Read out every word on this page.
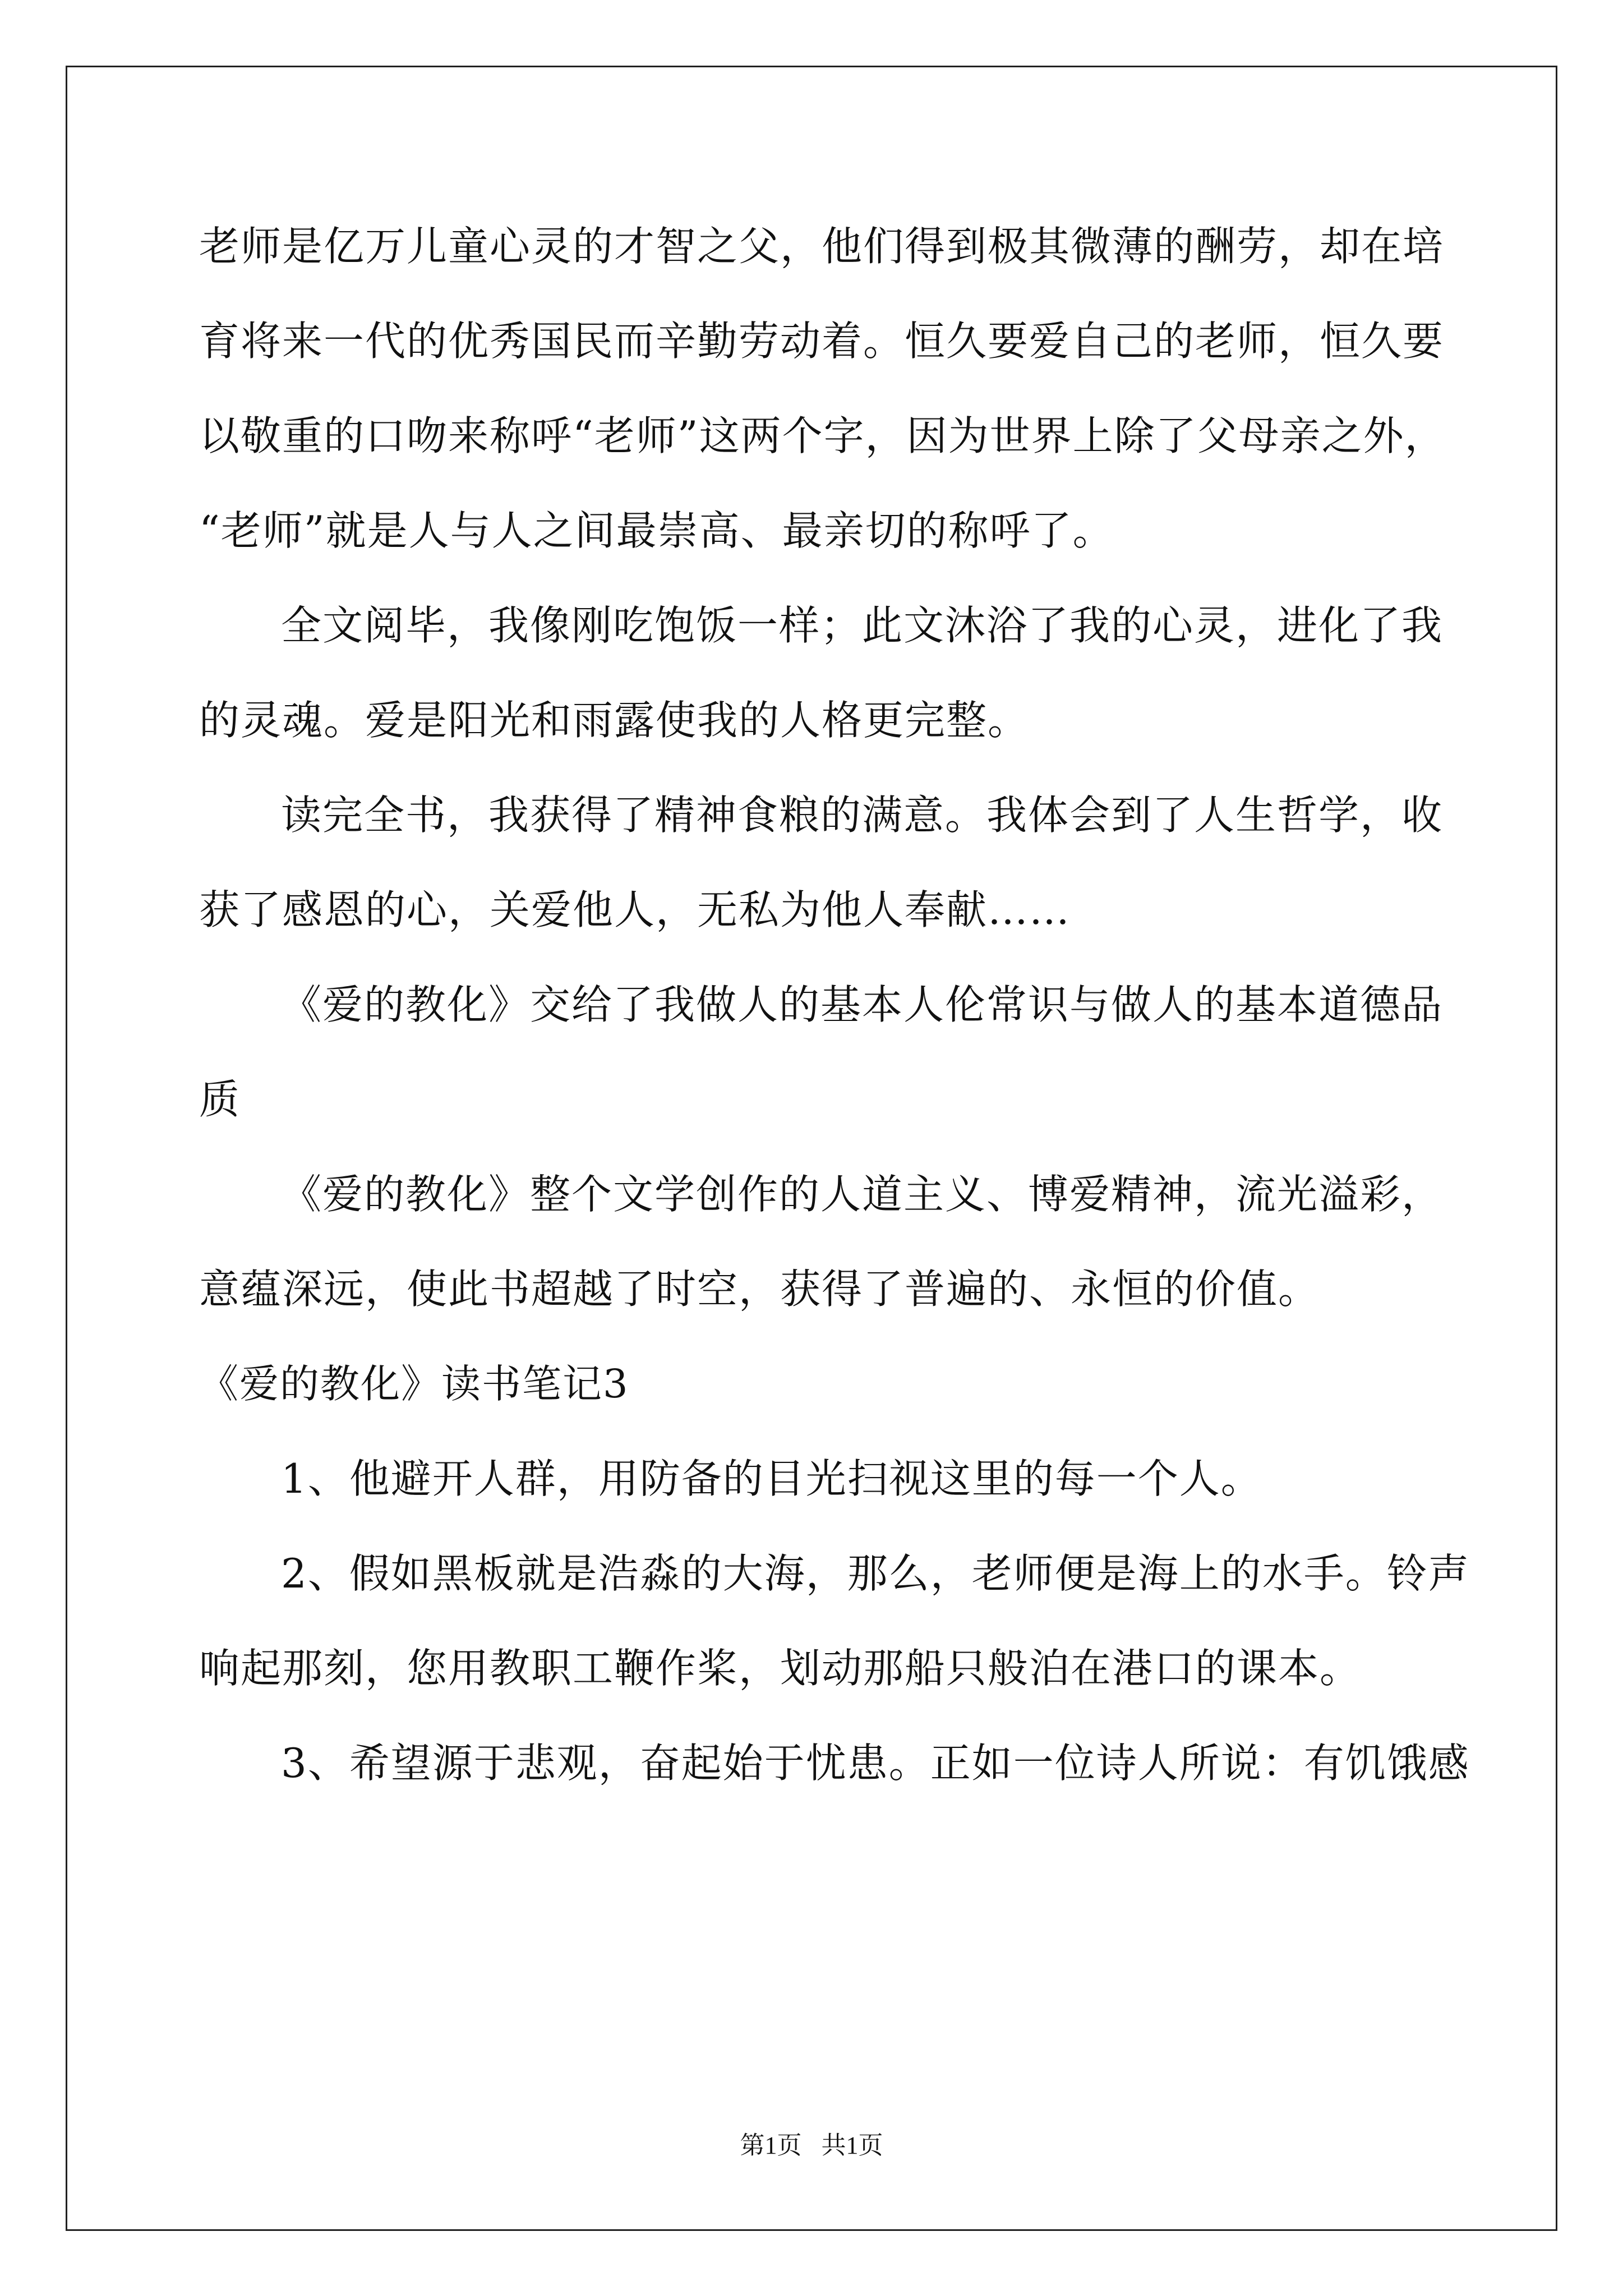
老师是亿万儿童心灵的才智之父，他们得到极其微薄的酬劳，却在培
育将来一代的优秀国民而辛勤劳动着。恒久要爱自己的老师，恒久要
以敬重的口吻来称呼“老师”这两个字，因为世界上除了父母亲之外，
“老师”就是人与人之间最崇高、最亲切的称呼了。
全文阅毕，我像刚吃饱饭一样；此文沐浴了我的心灵，进化了我
的灵魂。爱是阳光和雨露使我的人格更完整。
读完全书，我获得了精神食粮的满意。我体会到了人生哲学，收
获了感恩的心，关爱他人，无私为他人奉献……
《爱的教化》交给了我做人的基本人伦常识与做人的基本道德品
质
《爱的教化》整个文学创作的人道主义、博爱精神，流光溢彩，
意蕴深远，使此书超越了时空，获得了普遍的、永恒的价值。
《爱的教化》读书笔记3
1、他避开人群，用防备的目光扫视这里的每一个人。
2、假如黑板就是浩淼的大海，那么，老师便是海上的水手。铃声
响起那刻，您用教职工鞭作桨，划动那船只般泊在港口的课本。
3、希望源于悲观，奋起始于忧患。正如一位诗人所说：有饥饿感
第1页 共1页
